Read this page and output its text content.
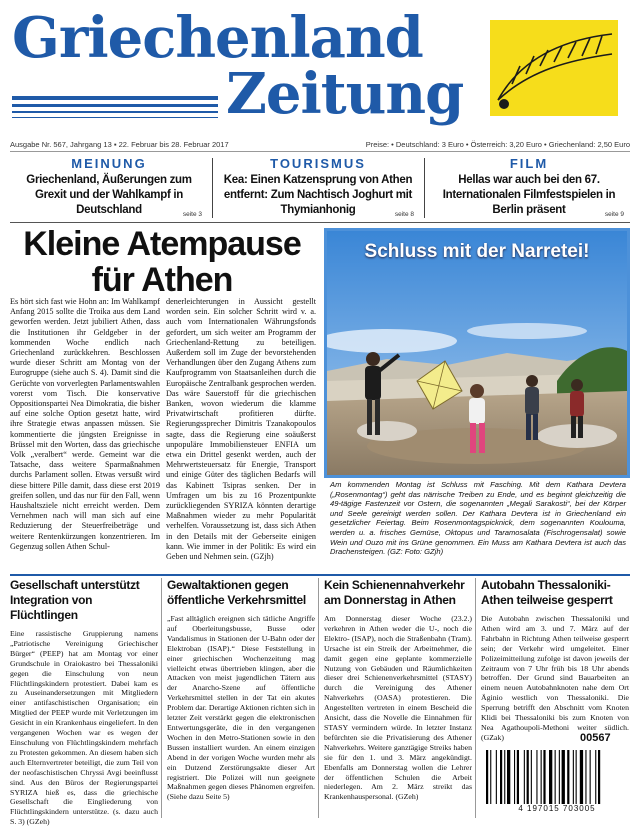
Griechenland
Zeitung
Ausgabe Nr. 567, Jahrgang 13 ▪ 22. Februar bis 28. Februar 2017	Preise: • Deutschland: 3 Euro • Österreich: 3,20 Euro • Griechenland: 2,50 Euro
MEINUNG
Griechenland, Äußerungen zum Grexit und der Wahlkampf in Deutschland	seite 3
TOURISMUS
Kea: Einen Katzensprung von Athen entfernt: Zum Nachtisch Joghurt mit Thymianhonig	seite 8
FILM
Hellas war auch bei den 67. Internationalen Filmfestspielen in Berlin präsent	seite 9
Kleine Atempause für Athen
Es hört sich fast wie Hohn an: Im Wahlkampf Anfang 2015 sollte die Troika aus dem Land geworfen werden. Jetzt jubiliert Athen, dass die Institutionen ihr Geldgeber in der kommenden Woche endlich nach Griechenland zurückkehren. Beschlossen wurde dieser Schritt am Montag von der Eurogruppe (siehe auch S. 4). Damit sind die Gerüchte von vorverlegten Parlamentswahlen vorerst vom Tisch. Die konservative Oppositionspartei Nea Dimokratia, die bisher auf eine solche Option gesetzt hatte, wird ihre Strategie etwas anpassen müssen. Sie kommentierte die jüngsten Ereignisse in Brüssel mit den Worten, dass das griechische Volk „veralbert“ werde. Gemeint war die Tatsache, dass weitere Sparmaßnahmen durchs Parlament sollen. Etwas versußt wird diese bittere Pille damit, dass diese erst 2019 greifen sollen, und das nur für den Fall, wenn Haushaltsziele nicht erreicht werden. Dem Vernehmen nach will man sich auf eine Reduzierung der Steuerfreibeträge und weitere Rentenkürzungen konzentrieren. Im Gegenzug sollen Athen Schul-
denerleichterungen in Aussicht gestellt worden sein. Ein solcher Schritt wird v. a. auch vom Internationalen Währungsfonds gefordert, um sich weiter am Programm der Griechenland-Rettung zu beteiligen. Außerdem soll im Zuge der bevorstehenden Verhandlungen über den Zugang Athens zum Kaufprogramm von Staatsanleihen durch die Europäische Zentralbank gesprochen werden. Das wäre Sauerstoff für die griechischen Banken, wovon wiederum die klamme Privatwirtschaft profitieren dürfte. Regierungssprecher Dimitris Tzanakopoulos sagte, dass die Regierung eine soäußerst unpopuläre Immobiliensteuer ENFIA um etwa ein Drittel gesenkt werden, auch der Mehrwertsteuersatz für Energie, Transport und einige Güter des täglichen Bedarfs will das Kabinett Tsipras senken. Der in Umfragen um bis zu 16 Prozentpunkte zurückliegenden SYRIZA könnten derartige Maßnahmen wieder zu mehr Popularität verhelfen. Voraussetzung ist, dass sich Athen in den Details mit der Geberseite einigen kann. Wie immer in der Politik: Es wird ein Geben und Nehmen sein. (GZjh)
Schluss mit der Narretei!
Am kommenden Montag ist Schluss mit Fasching. Mit dem Kathara Devtera („Rosenmontag“) geht das närrische Treiben zu Ende, und es beginnt gleichzeitig die 49-tägige Fastenzeit vor Ostern, die sogenannten „Megali Sarakosti“, bei der Körper und Seele gereinigt werden sollen. Der Kathara Devtera ist in Griechenland ein gesetzlicher Feiertag. Beim Rosenmontagspicknick, dem sogenannten Koulouma, werden u. a. frisches Gemüse, Oktopus und Taramosalata (Fischrogensalat) sowie Wein und Ouzo mit ins Grüne genommen. Ein Muss am Kathara Devtera ist auch das Drachensteigen. (GZ: Foto: GZjh)
Gesellschaft unterstützt Integration von Flüchtlingen
Eine rassistische Gruppierung namens „Patriotische Vereinigung Griechischer Bürger“ (PEEP) hat am Montag vor einer Grundschule in Oraiokastro bei Thessaloniki gegen die Einschulung von neun Flüchtlingskindern protestiert. Dabei kam es zu Auseinandersetzungen mit Mitgliedern einer antifaschistischen Organisation; ein Mitglied der PEEP wurde mit Verletzungen im Gesicht in ein Krankenhaus eingeliefert. In den vergangenen Wochen war es wegen der Einschulung von Flüchtlingskindern mehrfach zu Protesten gekommen. An diesem haben sich auch Elternvertreter beteiligt, die zum Teil von der neofaschistischen Chryssi Avgi beeinflusst sind. Aus den Büros der Regierungspartei SYRIZA hieß es, dass die griechische Gesellschaft die Eingliederung von Flüchtlingskindern unterstütze. (s. dazu auch S. 3) (GZeh)
Gewaltaktionen gegen öffentliche Verkehrsmittel
„Fast alltäglich ereignen sich tätliche Angriffe auf Oberleitungsbusse, Busse oder Vandalismus in Stationen der U-Bahn oder der Elektroban (ISAP).“ Diese Feststellung in einer griechischen Wochenzeitung mag vielleicht etwas übertrieben klingen, aber die Attacken von meist jugendlichen Tätern aus der Anarcho-Szene auf öffentliche Verkehrsmittel stellen in der Tat ein akutes Problem dar. Derartige Aktionen richten sich in letzter Zeit verstärkt gegen die elektronischen Entwertungsgeräte, die in den vergangenen Wochen in den Metro-Stationen sowie in den Bussen installiert wurden. An einem einzigen Abend in der vorigen Woche wurden mehr als ein Dutzend Zerstörungsakte dieser Art registriert. Die Polizei will nun geeignete Maßnahmen gegen dieses Phänomen ergreifen. (Siehe dazu Seite 5)
Kein Schienennahverkehr am Donnerstag in Athen
Am Donnerstag dieser Woche (23.2.) verkehren in Athen weder die U-, noch die Elektro- (ISAP), noch die Straßenbahn (Tram). Ursache ist ein Streik der Arbeitnehmer, die damit gegen eine geplante kommerzielle Nutzung von Gebäuden und Räumlichkeiten dieser drei Schienenverkehrsmittel (STASY) durch die Vereinigung des Athener Nahverkehrs (OASA) protestieren. Die Angestellten vertreten in einem Bescheid die Ansicht, dass die Novelle die Einnahmen für STASY vermindern würde. In letzter Instanz befürchten sie die Privatisierung des Athener Nahverkehrs. Weitere ganztägige Streiks haben sie für den 1. und 3. März angekündigt. Ebenfalls am Donnerstag wollen die Lehrer der öffentlichen Schulen die Arbeit niederlegen. Am 2. März streikt das Krankenhauspersonal. (GZeh)
Autobahn Thessaloniki-Athen teilweise gesperrt
Die Autobahn zwischen Thessaloniki und Athen wird am 3. und 7. März auf der Fahrbahn in Richtung Athen teilweise gesperrt sein; der Verkehr wird umgeleitet. Einer Polizeimitteilung zufolge ist davon jeweils der Zeitraum von 7 Uhr früh bis 18 Uhr abends betroffen. Der Grund sind Bauarbeiten an einem neuen Autobahnknoten nahe dem Ort Äginio westlich von Thessaloniki. Die Sperrung betrifft den Abschnitt vom Knoten Klidi bei Thessaloniki bis zum Knoten von Nea Agathoupoli-Methoni weiter südlich. (GZak)	00567
4 197015 703005
